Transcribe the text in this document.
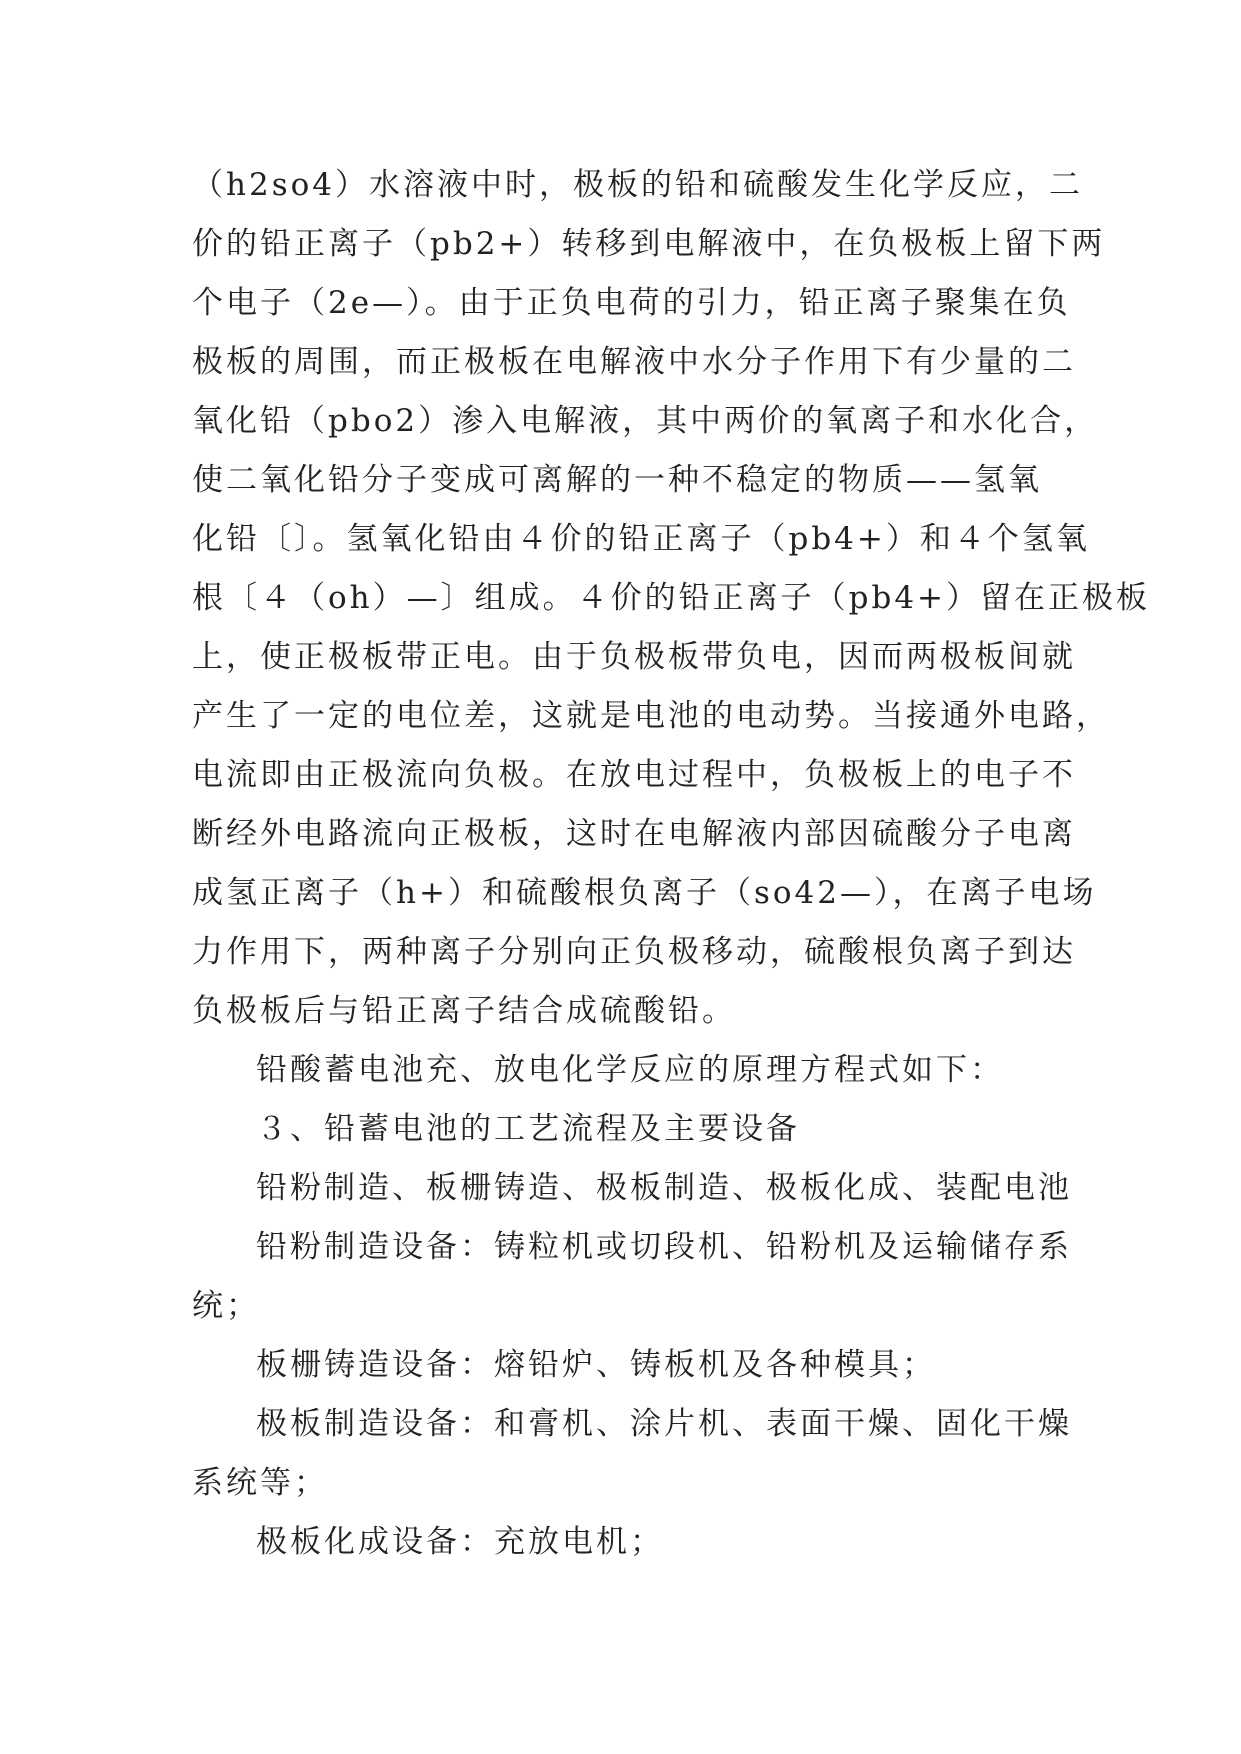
（h2so4）水溶液中时，极板的铅和硫酸发生化学反应，二
价的铅正离子（pb2+）转移到电解液中，在负极板上留下两
个电子（2e—）。由于正负电荷的引力，铅正离子聚集在负
极板的周围，而正极板在电解液中水分子作用下有少量的二
氧化铅（pbo2）渗入电解液，其中两价的氧离子和水化合，
使二氧化铅分子变成可离解的一种不稳定的物质——氢氧
化铅〔〕。氢氧化铅由４价的铅正离子（pb4+）和４个氢氧
根〔４（oh）—〕组成。４价的铅正离子（pb4+）留在正极板
上，使正极板带正电。由于负极板带负电，因而两极板间就
产生了一定的电位差，这就是电池的电动势。当接通外电路，
电流即由正极流向负极。在放电过程中，负极板上的电子不
断经外电路流向正极板，这时在电解液内部因硫酸分子电离
成氢正离子（h+）和硫酸根负离子（so42—），在离子电场
力作用下，两种离子分别向正负极移动，硫酸根负离子到达
负极板后与铅正离子结合成硫酸铅。
铅酸蓄电池充、放电化学反应的原理方程式如下：
３、铅蓄电池的工艺流程及主要设备
铅粉制造、板栅铸造、极板制造、极板化成、装配电池
铅粉制造设备：铸粒机或切段机、铅粉机及运输储存系
统；
板栅铸造设备：熔铅炉、铸板机及各种模具；
极板制造设备：和膏机、涂片机、表面干燥、固化干燥
系统等；
极板化成设备：充放电机；
